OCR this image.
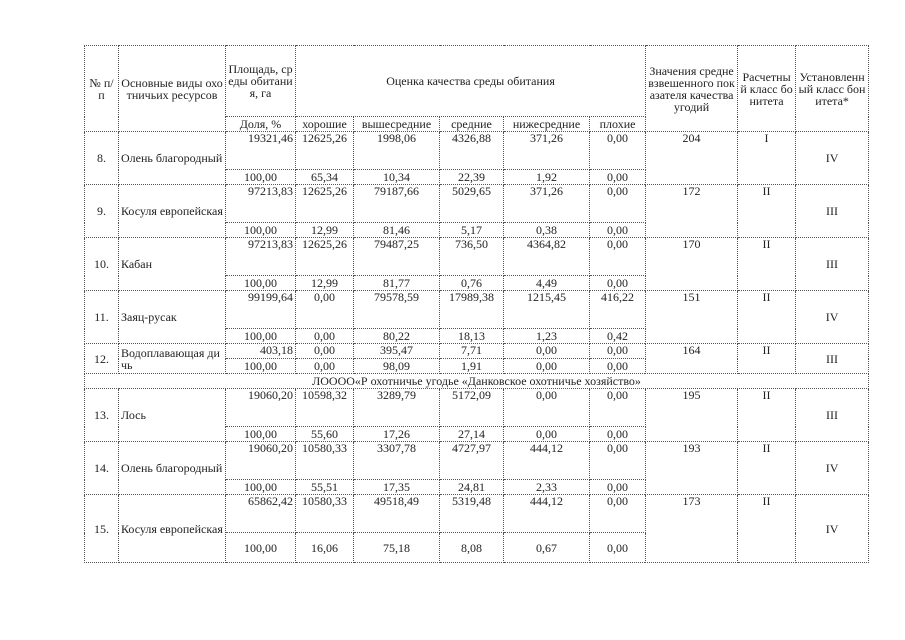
№ п/п	Основные виды охотничьих ресурсов	Площадь, среды обитания, га	Оценка качества среды обитания					Значения средневзвешенного показателя качества угодий	Расчетный класс бонитета	Установленный класс бонитета*
		Доля, %	хорошие	вышесредние	средние	нижесредние	плохие			
8.	Олень благородный	19321,46	12625,26	1998,06	4326,88	371,26	0,00	204	I	IV
		100,00	65,34	10,34	22,39	1,92	0,00			
9.	Косуля европейская	97213,83	12625,26	79187,66	5029,65	371,26	0,00	172	II	III
		100,00	12,99	81,46	5,17	0,38	0,00			
10.	Кабан	97213,83	12625,26	79487,25	736,50	4364,82	0,00	170	II	III
		100,00	12,99	81,77	0,76	4,49	0,00			
11.	Заяц-русак	99199,64	0,00	79578,59	17989,38	1215,45	416,22	151	II	IV
		100,00	0,00	80,22	18,13	1,23	0,42			
12.	Водоплавающая дичь	403,18	0,00	395,47	7,71	0,00	0,00	164	II	III
		100,00	0,00	98,09	1,91	0,00	0,00			
ЛОООО«Р охотничье угодье «Данковское охотничье хозяйство»										
13.	Лось	19060,20	10598,32	3289,79	5172,09	0,00	0,00	195	II	III
		100,00	55,60	17,26	27,14	0,00	0,00			
14.	Олень благородный	19060,20	10580,33	3307,78	4727,97	444,12	0,00	193	II	IV
		100,00	55,51	17,35	24,81	2,33	0,00			
15.	Косуля европейская	65862,42	10580,33	49518,49	5319,48	444,12	0,00	173	II	IV
		100,00	16,06	75,18	8,08	0,67	0,00			
